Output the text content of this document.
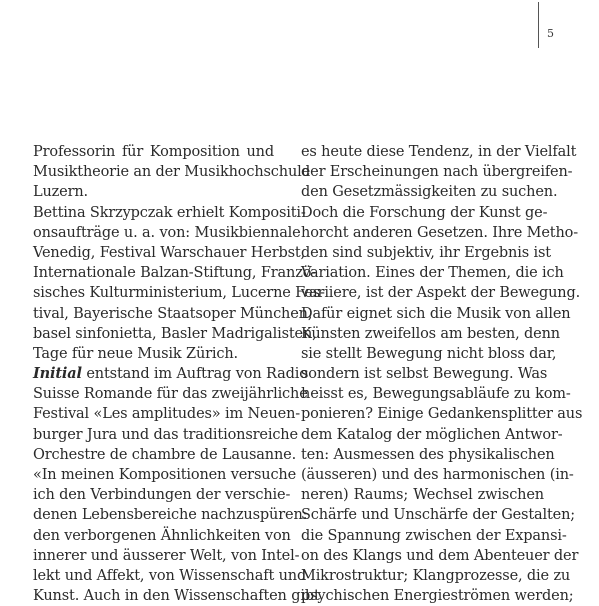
5
Professorin für Komposition und
Musiktheorie an der Musikhochschule
Luzern.
Bettina Skrzypczak erhielt Kompositi-
onsaufträge u. a. von: Musikbiennale
Venedig, Festival Warschauer Herbst,
Internationale Balzan-Stiftung, Franzö-
sisches Kulturministerium, Lucerne Fes-
tival, Bayerische Staatsoper München,
basel sinfonietta, Basler Madrigalisten,
Tage für neue Musik Zürich.
Initial entstand im Auftrag von Radio
Suisse Romande für das zweijährliche
Festival «Les amplitudes» im Neuen-
burger Jura und das traditionsreiche
Orchestre de chambre de Lausanne.
«In meinen Kompositionen versuche
ich den Verbindungen der verschie-
denen Lebensbereiche nachzuspüren:
den verborgenen Ähnlichkeiten von
innerer und äusserer Welt, von Intel-
lekt und Affekt, von Wissenschaft und
Kunst. Auch in den Wissenschaften gibt
es heute diese Tendenz, in der Vielfalt
der Erscheinungen nach übergreifen-
den Gesetzmässigkeiten zu suchen.
Doch die Forschung der Kunst ge-
horcht anderen Gesetzen. Ihre Metho-
den sind subjektiv, ihr Ergebnis ist
Variation. Eines der Themen, die ich
variiere, ist der Aspekt der Bewegung.
Dafür eignet sich die Musik von allen
Künsten zweifellos am besten, denn
sie stellt Bewegung nicht bloss dar,
sondern ist selbst Bewegung. Was
heisst es, Bewegungsabläufe zu kom-
ponieren? Einige Gedankensplitter aus
dem Katalog der möglichen Antwor-
ten: Ausmessen des physikalischen
(äusseren) und des harmonischen (in-
neren) Raums; Wechsel zwischen
Schärfe und Unschärfe der Gestalten;
die Spannung zwischen der Expansi-
on des Klangs und dem Abenteuer der
Mikrostruktur; Klangprozesse, die zu
psychischen Energieströmen werden;
